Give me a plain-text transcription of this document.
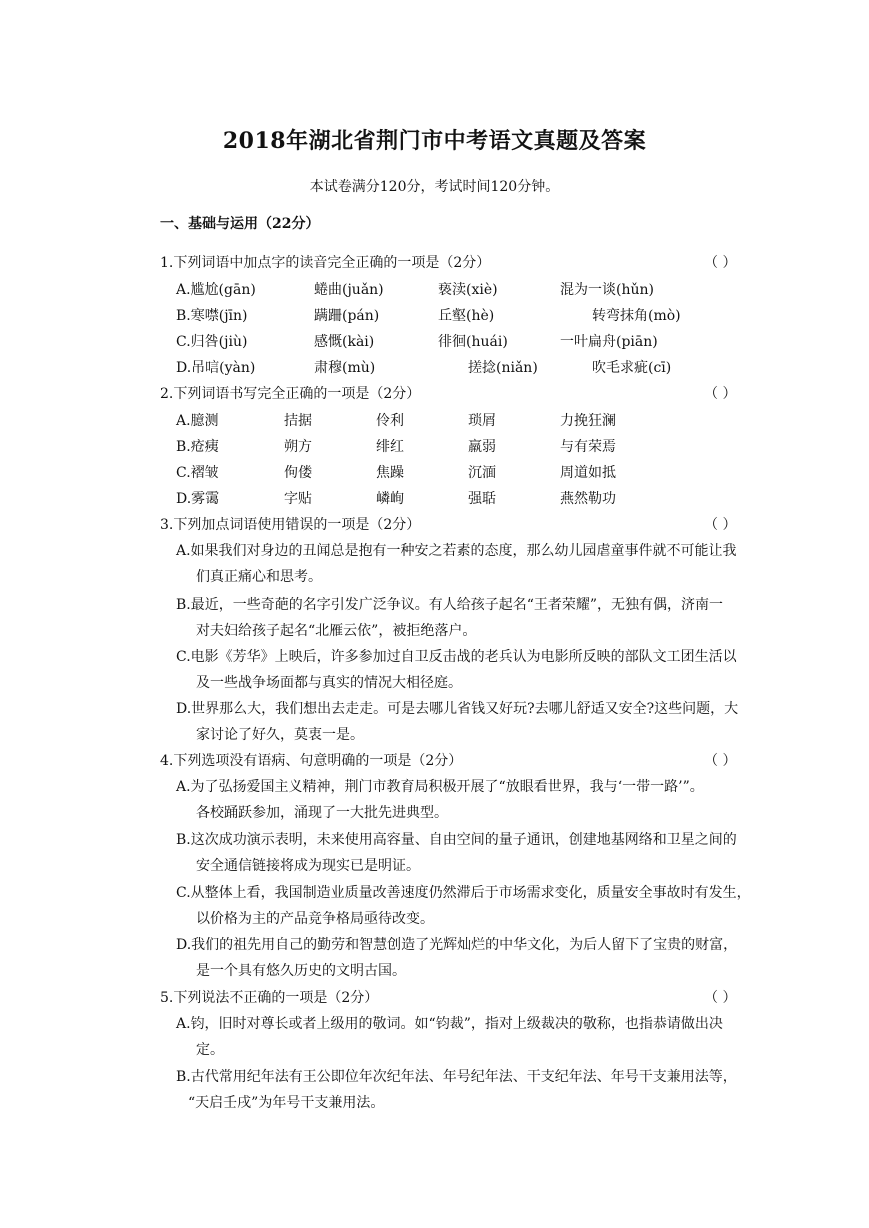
2018年湖北省荆门市中考语文真题及答案
本试卷满分120分，考试时间120分钟。
一、基础与运用（22分）
1.下列词语中加点字的读音完全正确的一项是（2分）	（ ）
A.尴尬(gān)	蜷曲(juǎn)	亵渎(xiè)	混为一谈(hǔn)
B.寒噤(jīn)	蹒跚(pán)	丘壑(hè)	转弯抹角(mò)
C.归咎(jiù)	感慨(kài)	徘徊(huái)	一叶扁舟(piān)
D.吊唁(yàn)	肃穆(mù)	搓捻(niǎn)	吹毛求疵(cī)
2.下列词语书写完全正确的一项是（2分）	（ ）
A.臆测	拮据	伶利	琐屑	力挽狂澜
B.疮痍	朔方	绯红	羸弱	与有荣焉
C.褶皱	佝偻	焦躁	沉湎	周道如抵
D.雾霭	字贴	嶙峋	强聒	燕然勒功
3.下列加点词语使用错误的一项是（2分）	（ ）
A.如果我们对身边的丑闻总是抱有一种安之若素的态度，那么幼儿园虐童事件就不可能让我
们真正痛心和思考。
B.最近，一些奇葩的名字引发广泛争议。有人给孩子起名“王者荣耀”，无独有偶，济南一
对夫妇给孩子起名“北雁云依”，被拒绝落户。
C.电影《芳华》上映后，许多参加过自卫反击战的老兵认为电影所反映的部队文工团生活以
及一些战争场面都与真实的情况大相径庭。
D.世界那么大，我们想出去走走。可是去哪儿省钱又好玩?去哪儿舒适又安全?这些问题，大
家讨论了好久，莫衷一是。
4.下列选项没有语病、句意明确的一项是（2分）	（ ）
A.为了弘扬爱国主义精神，荆门市教育局积极开展了“放眼看世界，我与‘一带一路’”。
各校踊跃参加，涌现了一大批先进典型。
B.这次成功演示表明，未来使用高容量、自由空间的量子通讯，创建地基网络和卫星之间的
安全通信链接将成为现实已是明证。
C.从整体上看，我国制造业质量改善速度仍然滞后于市场需求变化，质量安全事故时有发生，
以价格为主的产品竞争格局亟待改变。
D.我们的祖先用自己的勤劳和智慧创造了光辉灿烂的中华文化，为后人留下了宝贵的财富，
是一个具有悠久历史的文明古国。
5.下列说法不正确的一项是（2分）	（ ）
A.钧，旧时对尊长或者上级用的敬词。如“钧裁”，指对上级裁决的敬称，也指恭请做出决
定。
B.古代常用纪年法有王公即位年次纪年法、年号纪年法、干支纪年法、年号干支兼用法等，
“天启壬戌”为年号干支兼用法。
